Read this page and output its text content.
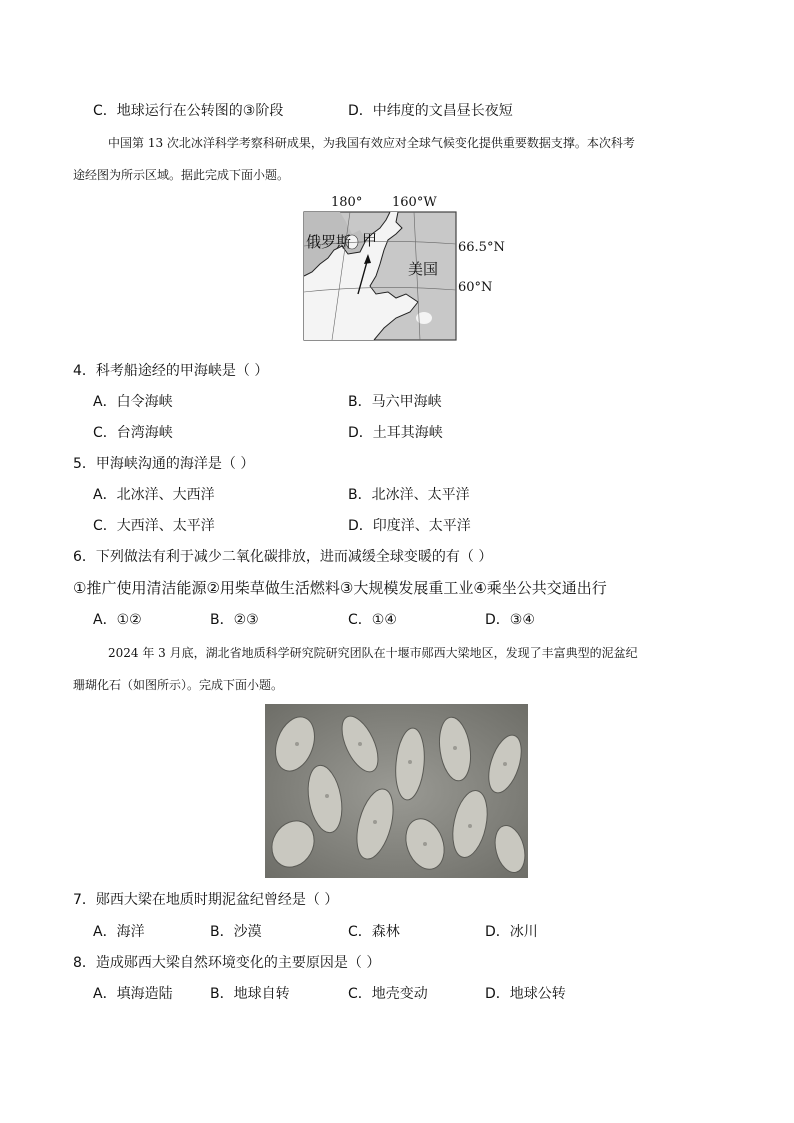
C．地球运行在公转图的③阶段	D．中纬度的文昌昼长夜短
中国第 13 次北冰洋科学考察科研成果，为我国有效应对全球气候变化提供重要数据支撑。本次科考
途经图为所示区域。据此完成下面小题。
180° 160°W
66.5°N
60°N
俄罗斯 甲
美国
4．科考船途经的甲海峡是（ ）
A．白令海峡	B．马六甲海峡
C．台湾海峡	D．土耳其海峡
5．甲海峡沟通的海洋是（ ）
A．北冰洋、大西洋	B．北冰洋、太平洋
C．大西洋、太平洋	D．印度洋、太平洋
6．下列做法有利于减少二氧化碳排放，进而减缓全球变暖的有（ ）
①推广使用清洁能源②用柴草做生活燃料③大规模发展重工业④乘坐公共交通出行
A．①②	B．②③	C．①④	D．③④
2024 年 3 月底，湖北省地质科学研究院研究团队在十堰市郧西大梁地区，发现了丰富典型的泥盆纪
珊瑚化石（如图所示）。完成下面小题。
7．郧西大梁在地质时期泥盆纪曾经是（ ）
A．海洋	B．沙漠	C．森林	D．冰川
8．造成郧西大梁自然环境变化的主要原因是（ ）
A．填海造陆	B．地球自转	C．地壳变动	D．地球公转
